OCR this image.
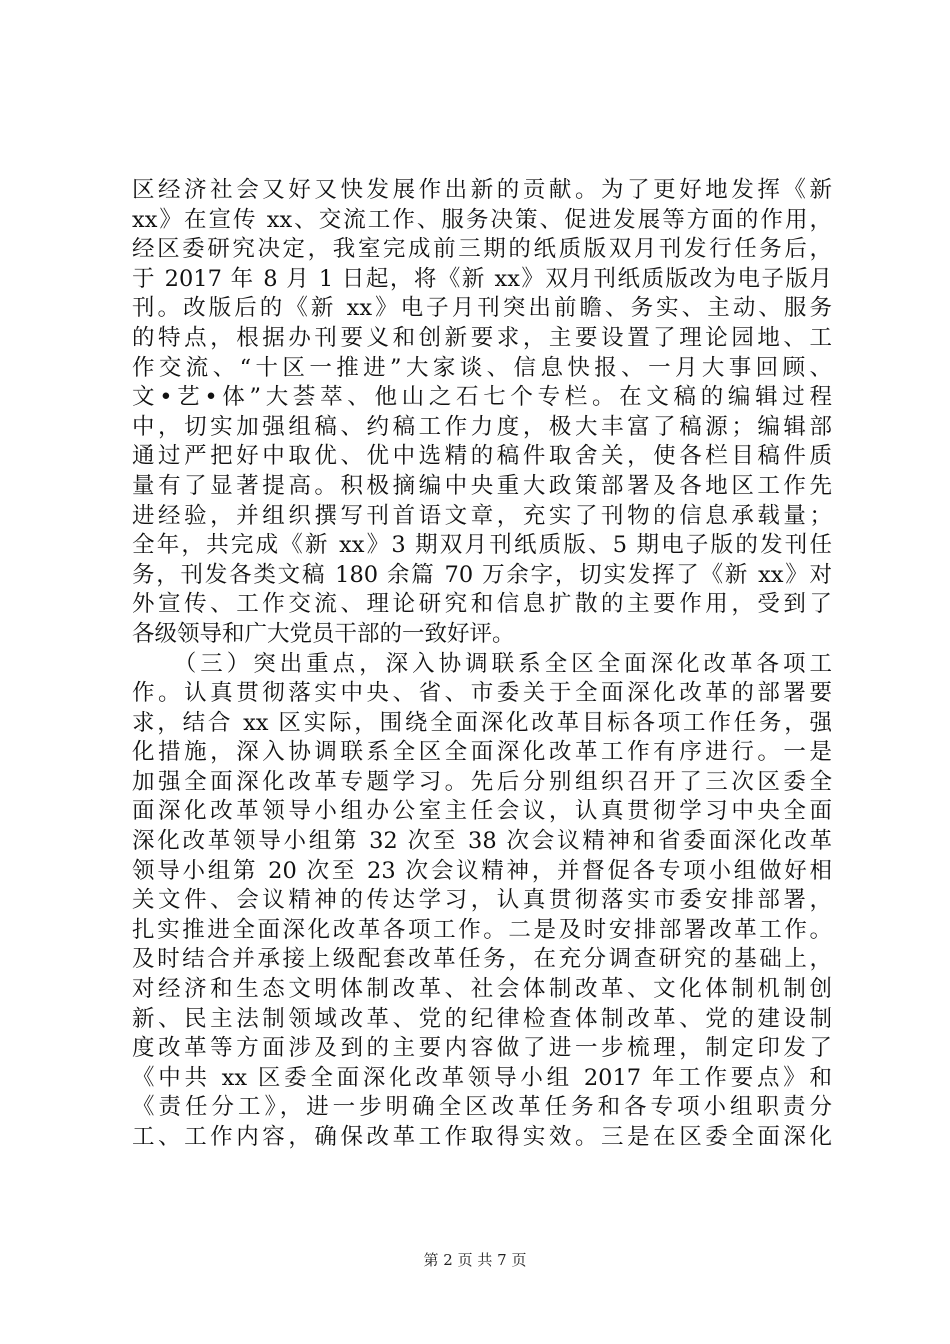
区经济社会又好又快发展作出新的贡献。为了更好地发挥《新
xx》在宣传 xx、交流工作、服务决策、促进发展等方面的作用，
经区委研究决定，我室完成前三期的纸质版双月刊发行任务后，
于 2017 年 8 月 1 日起，将《新 xx》双月刊纸质版改为电子版月
刊。改版后的《新 xx》电子月刊突出前瞻、务实、主动、服务
的特点，根据办刊要义和创新要求，主要设置了理论园地、工
作交流、“十区一推进”大家谈、信息快报、一月大事回顾、
文•艺•体”大荟萃、他山之石七个专栏。在文稿的编辑过程
中，切实加强组稿、约稿工作力度，极大丰富了稿源；编辑部
通过严把好中取优、优中选精的稿件取舍关，使各栏目稿件质
量有了显著提高。积极摘编中央重大政策部署及各地区工作先
进经验，并组织撰写刊首语文章，充实了刊物的信息承载量；
全年，共完成《新 xx》3 期双月刊纸质版、5 期电子版的发刊任
务，刊发各类文稿 180 余篇 70 万余字，切实发挥了《新 xx》对
外宣传、工作交流、理论研究和信息扩散的主要作用，受到了
各级领导和广大党员干部的一致好评。
　　（三）突出重点，深入协调联系全区全面深化改革各项工
作。认真贯彻落实中央、省、市委关于全面深化改革的部署要
求，结合 xx 区实际，围绕全面深化改革目标各项工作任务，强
化措施，深入协调联系全区全面深化改革工作有序进行。一是
加强全面深化改革专题学习。先后分别组织召开了三次区委全
面深化改革领导小组办公室主任会议，认真贯彻学习中央全面
深化改革领导小组第 32 次至 38 次会议精神和省委面深化改革
领导小组第 20 次至 23 次会议精神，并督促各专项小组做好相
关文件、会议精神的传达学习，认真贯彻落实市委安排部署，
扎实推进全面深化改革各项工作。二是及时安排部署改革工作。
及时结合并承接上级配套改革任务，在充分调查研究的基础上，
对经济和生态文明体制改革、社会体制改革、文化体制机制创
新、民主法制领域改革、党的纪律检查体制改革、党的建设制
度改革等方面涉及到的主要内容做了进一步梳理，制定印发了
《中共 xx 区委全面深化改革领导小组 2017 年工作要点》和
《责任分工》，进一步明确全区改革任务和各专项小组职责分
工、工作内容，确保改革工作取得实效。三是在区委全面深化
第 2 页 共 7 页
